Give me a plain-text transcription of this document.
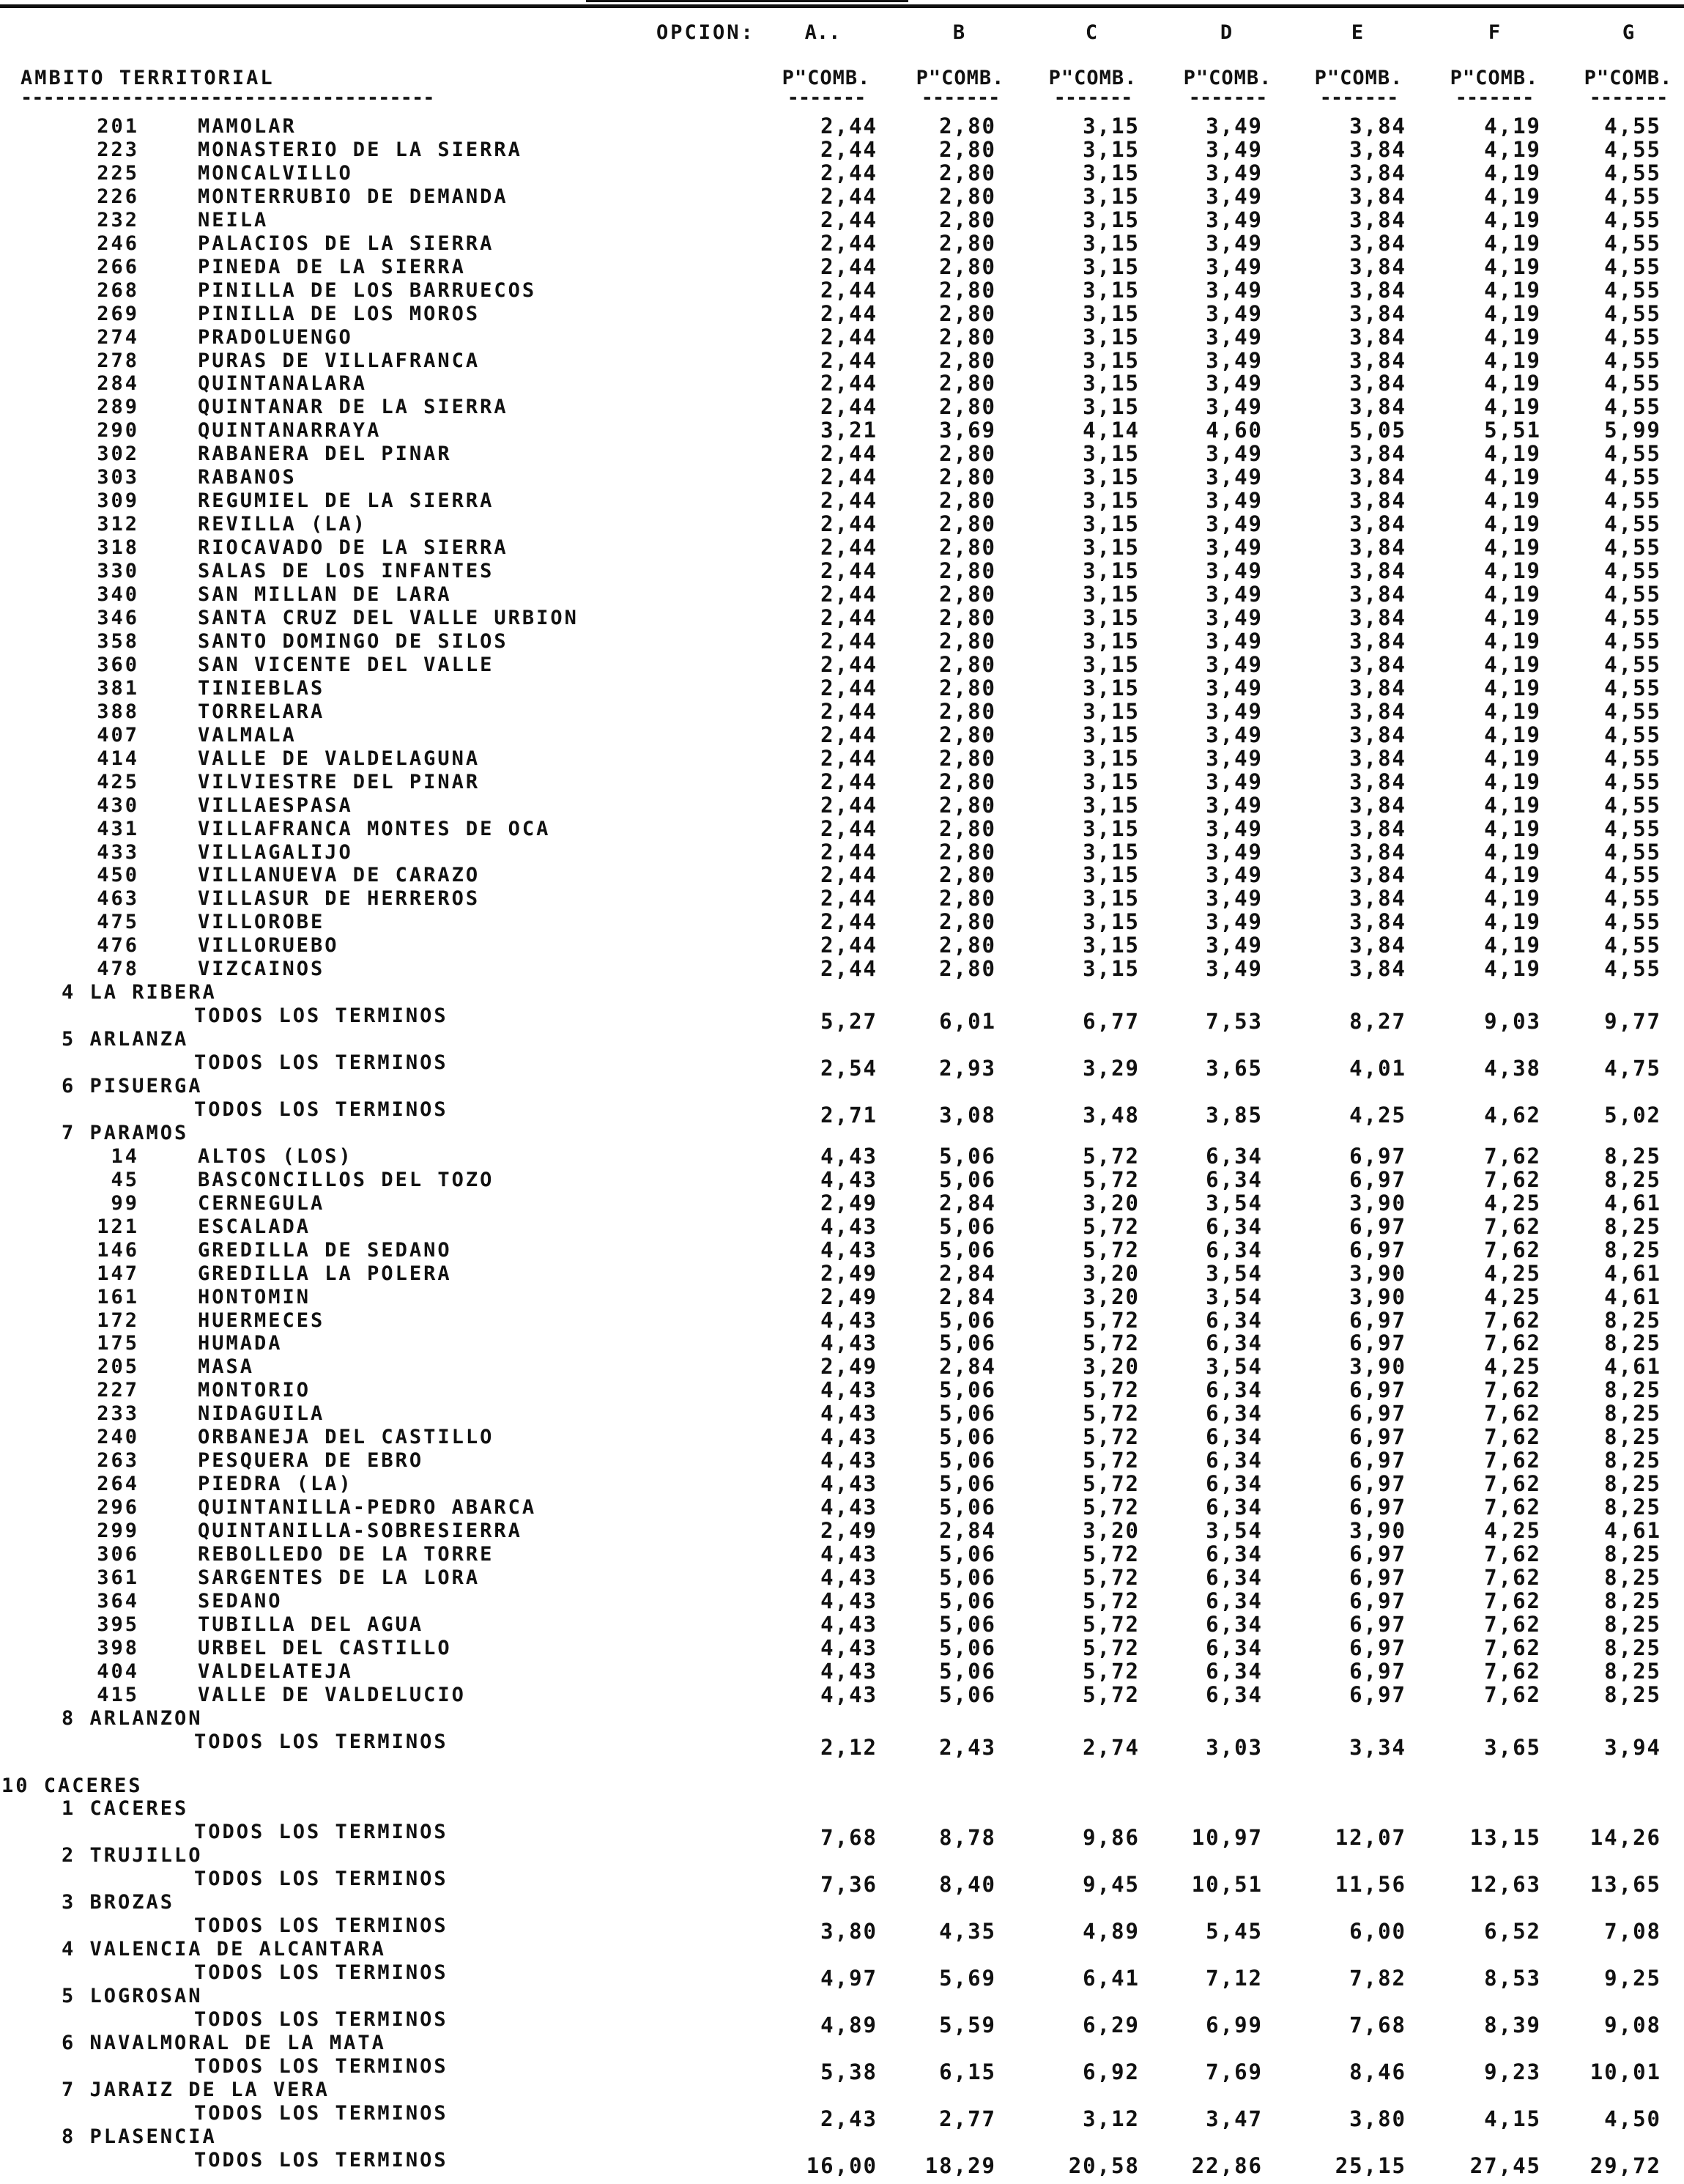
OPCION:	A..	B	C	D	E	F	G
AMBITO TERRITORIAL
-------------------------------------
P"COMB.	P"COMB.	P"COMB.	P"COMB.	P"COMB.	P"COMB.	P"COMB.
-------	-------	-------	-------	-------	-------	-------
201	MAMOLAR	2,44	2,80	3,15	3,49	3,84	4,19	4,55
223	MONASTERIO DE LA SIERRA	2,44	2,80	3,15	3,49	3,84	4,19	4,55
225	MONCALVILLO	2,44	2,80	3,15	3,49	3,84	4,19	4,55
226	MONTERRUBIO DE DEMANDA	2,44	2,80	3,15	3,49	3,84	4,19	4,55
232	NEILA	2,44	2,80	3,15	3,49	3,84	4,19	4,55
246	PALACIOS DE LA SIERRA	2,44	2,80	3,15	3,49	3,84	4,19	4,55
266	PINEDA DE LA SIERRA	2,44	2,80	3,15	3,49	3,84	4,19	4,55
268	PINILLA DE LOS BARRUECOS	2,44	2,80	3,15	3,49	3,84	4,19	4,55
269	PINILLA DE LOS MOROS	2,44	2,80	3,15	3,49	3,84	4,19	4,55
274	PRADOLUENGO	2,44	2,80	3,15	3,49	3,84	4,19	4,55
278	PURAS DE VILLAFRANCA	2,44	2,80	3,15	3,49	3,84	4,19	4,55
284	QUINTANALARA	2,44	2,80	3,15	3,49	3,84	4,19	4,55
289	QUINTANAR DE LA SIERRA	2,44	2,80	3,15	3,49	3,84	4,19	4,55
290	QUINTANARRAYA	3,21	3,69	4,14	4,60	5,05	5,51	5,99
302	RABANERA DEL PINAR	2,44	2,80	3,15	3,49	3,84	4,19	4,55
303	RABANOS	2,44	2,80	3,15	3,49	3,84	4,19	4,55
309	REGUMIEL DE LA SIERRA	2,44	2,80	3,15	3,49	3,84	4,19	4,55
312	REVILLA (LA)	2,44	2,80	3,15	3,49	3,84	4,19	4,55
318	RIOCAVADO DE LA SIERRA	2,44	2,80	3,15	3,49	3,84	4,19	4,55
330	SALAS DE LOS INFANTES	2,44	2,80	3,15	3,49	3,84	4,19	4,55
340	SAN MILLAN DE LARA	2,44	2,80	3,15	3,49	3,84	4,19	4,55
346	SANTA CRUZ DEL VALLE URBION	2,44	2,80	3,15	3,49	3,84	4,19	4,55
358	SANTO DOMINGO DE SILOS	2,44	2,80	3,15	3,49	3,84	4,19	4,55
360	SAN VICENTE DEL VALLE	2,44	2,80	3,15	3,49	3,84	4,19	4,55
381	TINIEBLAS	2,44	2,80	3,15	3,49	3,84	4,19	4,55
388	TORRELARA	2,44	2,80	3,15	3,49	3,84	4,19	4,55
407	VALMALA	2,44	2,80	3,15	3,49	3,84	4,19	4,55
414	VALLE DE VALDELAGUNA	2,44	2,80	3,15	3,49	3,84	4,19	4,55
425	VILVIESTRE DEL PINAR	2,44	2,80	3,15	3,49	3,84	4,19	4,55
430	VILLAESPASA	2,44	2,80	3,15	3,49	3,84	4,19	4,55
431	VILLAFRANCA MONTES DE OCA	2,44	2,80	3,15	3,49	3,84	4,19	4,55
433	VILLAGALIJO	2,44	2,80	3,15	3,49	3,84	4,19	4,55
450	VILLANUEVA DE CARAZO	2,44	2,80	3,15	3,49	3,84	4,19	4,55
463	VILLASUR DE HERREROS	2,44	2,80	3,15	3,49	3,84	4,19	4,55
475	VILLOROBE	2,44	2,80	3,15	3,49	3,84	4,19	4,55
476	VILLORUEBO	2,44	2,80	3,15	3,49	3,84	4,19	4,55
478	VIZCAINOS	2,44	2,80	3,15	3,49	3,84	4,19	4,55
4 LA RIBERA
TODOS LOS TERMINOS	5,27	6,01	6,77	7,53	8,27	9,03	9,77
5 ARLANZA
TODOS LOS TERMINOS	2,54	2,93	3,29	3,65	4,01	4,38	4,75
6 PISUERGA
TODOS LOS TERMINOS	2,71	3,08	3,48	3,85	4,25	4,62	5,02
7 PARAMOS
14	ALTOS (LOS)	4,43	5,06	5,72	6,34	6,97	7,62	8,25
45	BASCONCILLOS DEL TOZO	4,43	5,06	5,72	6,34	6,97	7,62	8,25
99	CERNEGULA	2,49	2,84	3,20	3,54	3,90	4,25	4,61
121	ESCALADA	4,43	5,06	5,72	6,34	6,97	7,62	8,25
146	GREDILLA DE SEDANO	4,43	5,06	5,72	6,34	6,97	7,62	8,25
147	GREDILLA LA POLERA	2,49	2,84	3,20	3,54	3,90	4,25	4,61
161	HONTOMIN	2,49	2,84	3,20	3,54	3,90	4,25	4,61
172	HUERMECES	4,43	5,06	5,72	6,34	6,97	7,62	8,25
175	HUMADA	4,43	5,06	5,72	6,34	6,97	7,62	8,25
205	MASA	2,49	2,84	3,20	3,54	3,90	4,25	4,61
227	MONTORIO	4,43	5,06	5,72	6,34	6,97	7,62	8,25
233	NIDAGUILA	4,43	5,06	5,72	6,34	6,97	7,62	8,25
240	ORBANEJA DEL CASTILLO	4,43	5,06	5,72	6,34	6,97	7,62	8,25
263	PESQUERA DE EBRO	4,43	5,06	5,72	6,34	6,97	7,62	8,25
264	PIEDRA (LA)	4,43	5,06	5,72	6,34	6,97	7,62	8,25
296	QUINTANILLA-PEDRO ABARCA	4,43	5,06	5,72	6,34	6,97	7,62	8,25
299	QUINTANILLA-SOBRESIERRA	2,49	2,84	3,20	3,54	3,90	4,25	4,61
306	REBOLLEDO DE LA TORRE	4,43	5,06	5,72	6,34	6,97	7,62	8,25
361	SARGENTES DE LA LORA	4,43	5,06	5,72	6,34	6,97	7,62	8,25
364	SEDANO	4,43	5,06	5,72	6,34	6,97	7,62	8,25
395	TUBILLA DEL AGUA	4,43	5,06	5,72	6,34	6,97	7,62	8,25
398	URBEL DEL CASTILLO	4,43	5,06	5,72	6,34	6,97	7,62	8,25
404	VALDELATEJA	4,43	5,06	5,72	6,34	6,97	7,62	8,25
415	VALLE DE VALDELUCIO	4,43	5,06	5,72	6,34	6,97	7,62	8,25
8 ARLANZON
TODOS LOS TERMINOS	2,12	2,43	2,74	3,03	3,34	3,65	3,94
10 CACERES
1 CACERES
TODOS LOS TERMINOS	7,68	8,78	9,86	10,97	12,07	13,15	14,26
2 TRUJILLO
TODOS LOS TERMINOS	7,36	8,40	9,45	10,51	11,56	12,63	13,65
3 BROZAS
TODOS LOS TERMINOS	3,80	4,35	4,89	5,45	6,00	6,52	7,08
4 VALENCIA DE ALCANTARA
TODOS LOS TERMINOS	4,97	5,69	6,41	7,12	7,82	8,53	9,25
5 LOGROSAN
TODOS LOS TERMINOS	4,89	5,59	6,29	6,99	7,68	8,39	9,08
6 NAVALMORAL DE LA MATA
TODOS LOS TERMINOS	5,38	6,15	6,92	7,69	8,46	9,23	10,01
7 JARAIZ DE LA VERA
TODOS LOS TERMINOS	2,43	2,77	3,12	3,47	3,80	4,15	4,50
8 PLASENCIA
TODOS LOS TERMINOS	16,00	18,29	20,58	22,86	25,15	27,45	29,72
